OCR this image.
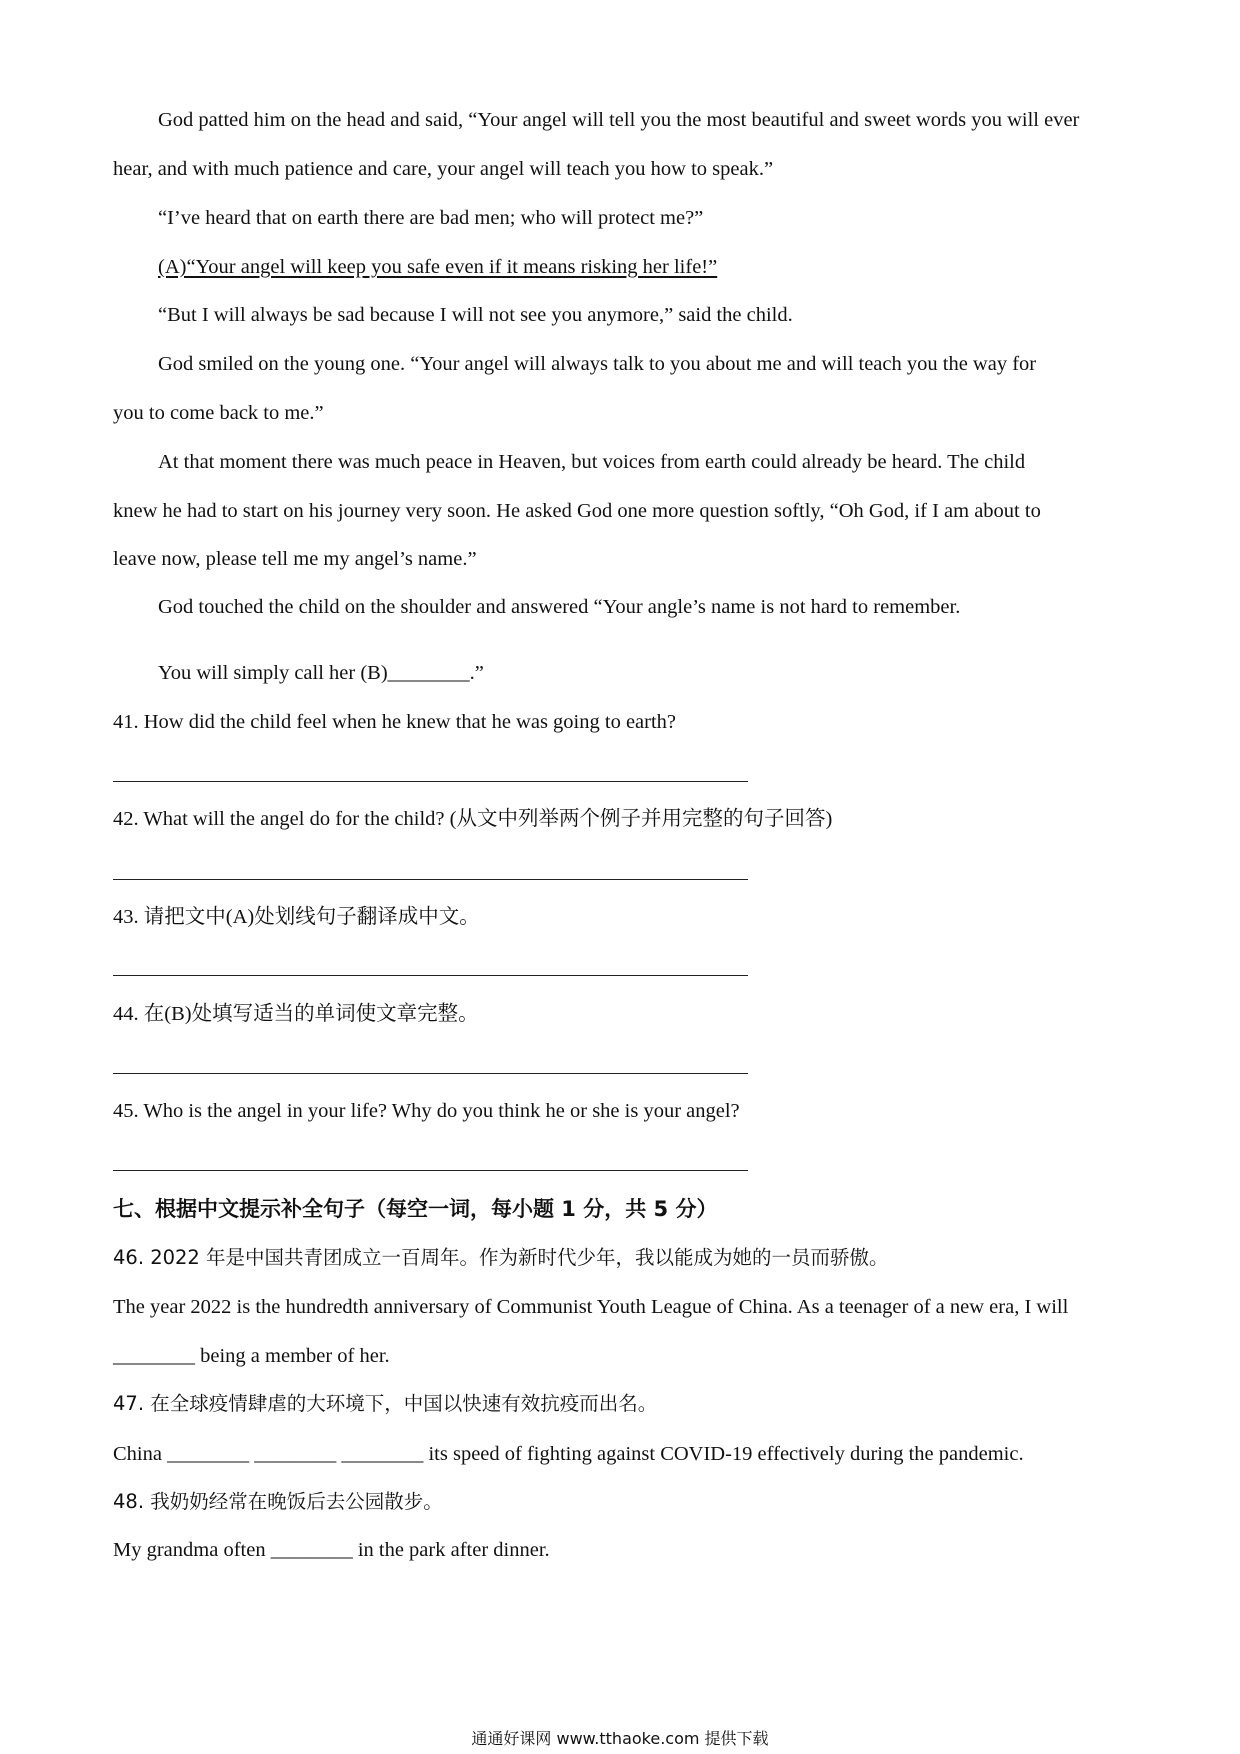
God patted him on the head and said, “Your angel will tell you the most beautiful and sweet words you will ever
hear, and with much patience and care, your angel will teach you how to speak.”
“I’ve heard that on earth there are bad men; who will protect me?”
(A)“Your angel will keep you safe even if it means risking her life!”
“But I will always be sad because I will not see you anymore,” said the child.
God smiled on the young one. “Your angel will always talk to you about me and will teach you the way for
you to come back to me.”
At that moment there was much peace in Heaven, but voices from earth could already be heard. The child
knew he had to start on his journey very soon. He asked God one more question softly, “Oh God, if I am about to
leave now, please tell me my angel’s name.”
God touched the child on the shoulder and answered “Your angle’s name is not hard to remember.
You will simply call her (B)________.”
41. How did the child feel when he knew that he was going to earth?
42. What will the angel do for the child? (从文中列举两个例子并用完整的句子回答)
43. 请把文中(A)处划线句子翻译成中文。
44. 在(B)处填写适当的单词使文章完整。
45. Who is the angel in your life? Why do you think he or she is your angel?
七、根据中文提示补全句子（每空一词，每小题 1 分，共 5 分）
46. 2022 年是中国共青团成立一百周年。作为新时代少年，我以能成为她的一员而骄傲。
The year 2022 is the hundredth anniversary of Communist Youth League of China. As a teenager of a new era, I will
________ being a member of her.
47. 在全球疫情肆虐的大环境下，中国以快速有效抗疫而出名。
China ________ ________ ________ its speed of fighting against COVID-19 effectively during the pandemic.
48. 我奶奶经常在晚饭后去公园散步。
My grandma often ________ in the park after dinner.
通通好课网 www.tthaoke.com 提供下载
